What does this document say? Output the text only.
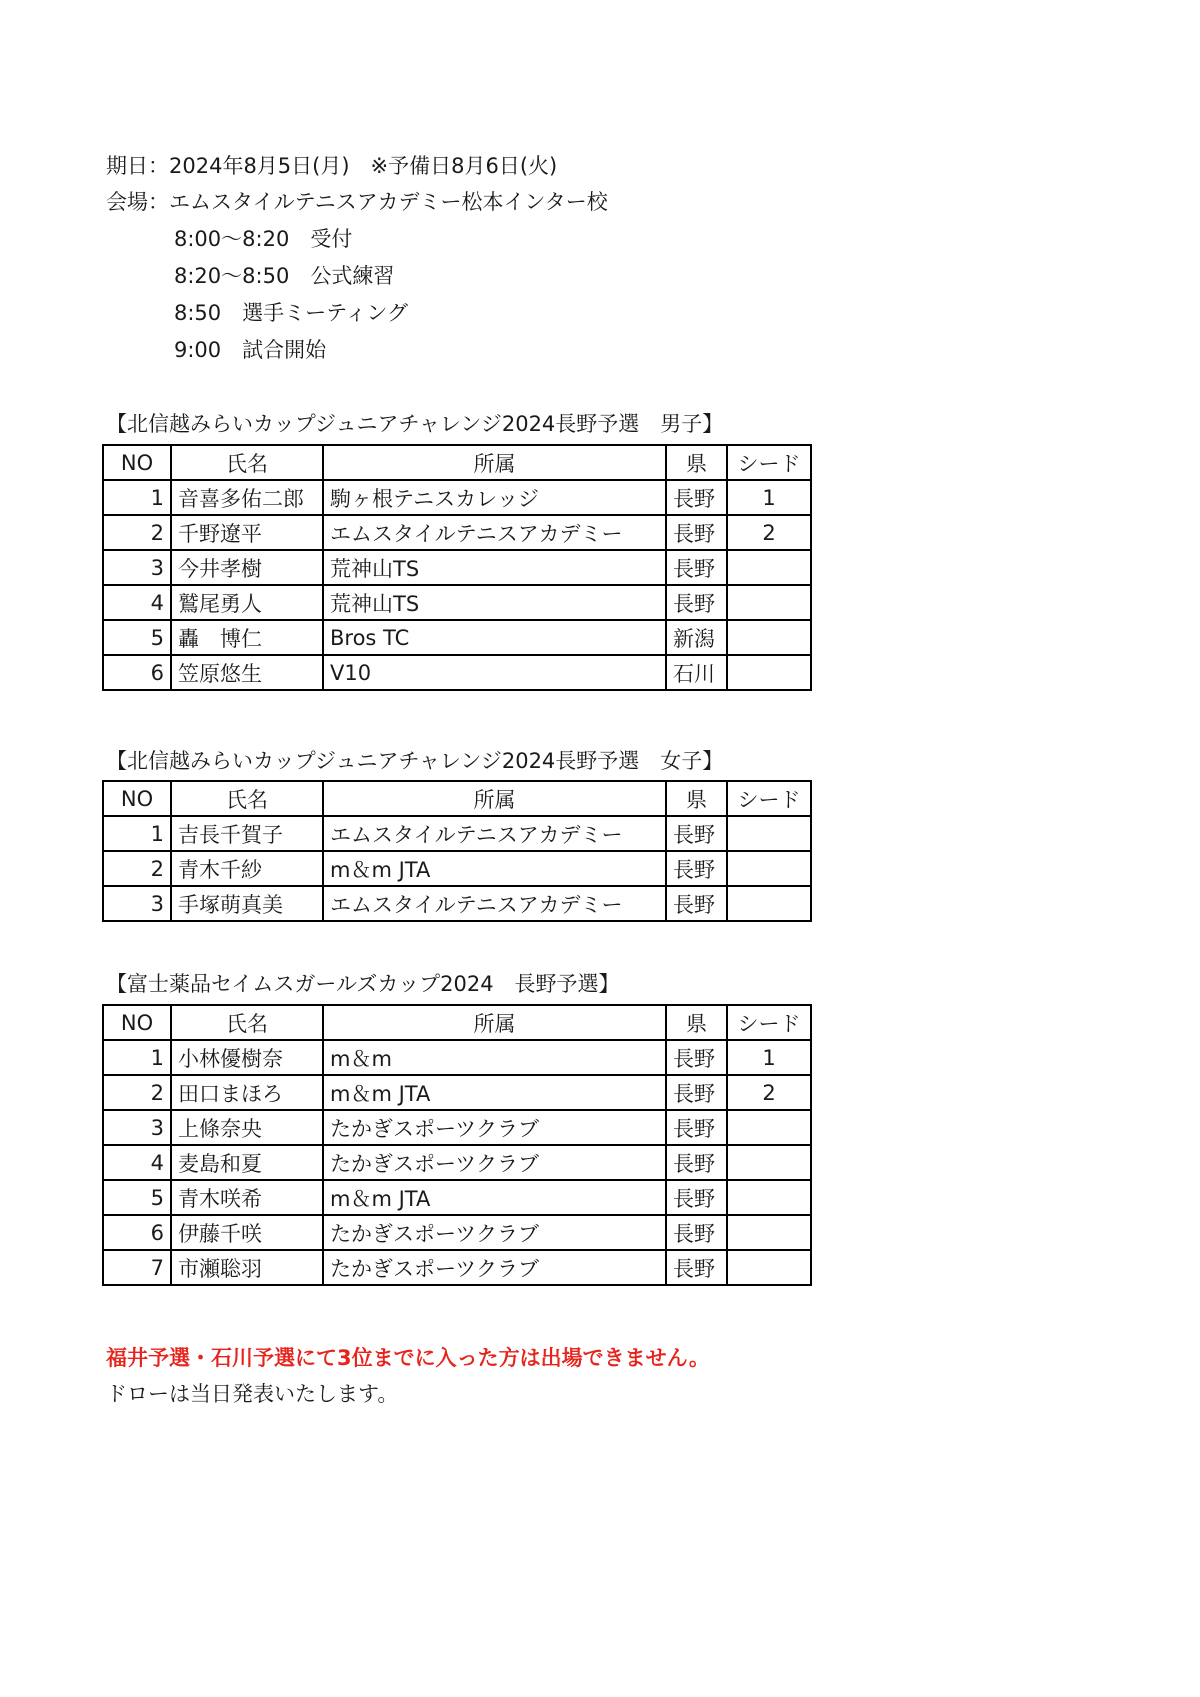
期日：2024年8月5日(月)　※予備日8月6日(火)
会場：エムスタイルテニスアカデミー松本インター校
8:00～8:20　受付
8:20～8:50　公式練習
8:50　選手ミーティング
9:00　試合開始
【北信越みらいカップジュニアチャレンジ2024長野予選　男子】
NO	氏名	所属	県	シード
1	音喜多佑二郎	駒ヶ根テニスカレッジ	長野	1
2	千野遼平	エムスタイルテニスアカデミー	長野	2
3	今井孝樹	荒神山TS	長野	
4	鷲尾勇人	荒神山TS	長野	
5	轟　博仁	Bros TC	新潟	
6	笠原悠生	V10	石川	
【北信越みらいカップジュニアチャレンジ2024長野予選　女子】
NO	氏名	所属	県	シード
1	吉長千賀子	エムスタイルテニスアカデミー	長野	
2	青木千紗	m＆m JTA	長野	
3	手塚萌真美	エムスタイルテニスアカデミー	長野	
【富士薬品セイムスガールズカップ2024　長野予選】
NO	氏名	所属	県	シード
1	小林優樹奈	m＆m	長野	1
2	田口まほろ	m＆m JTA	長野	2
3	上條奈央	たかぎスポーツクラブ	長野	
4	麦島和夏	たかぎスポーツクラブ	長野	
5	青木咲希	m＆m JTA	長野	
6	伊藤千咲	たかぎスポーツクラブ	長野	
7	市瀬聡羽	たかぎスポーツクラブ	長野	
福井予選・石川予選にて3位までに入った方は出場できません。
ドローは当日発表いたします。
